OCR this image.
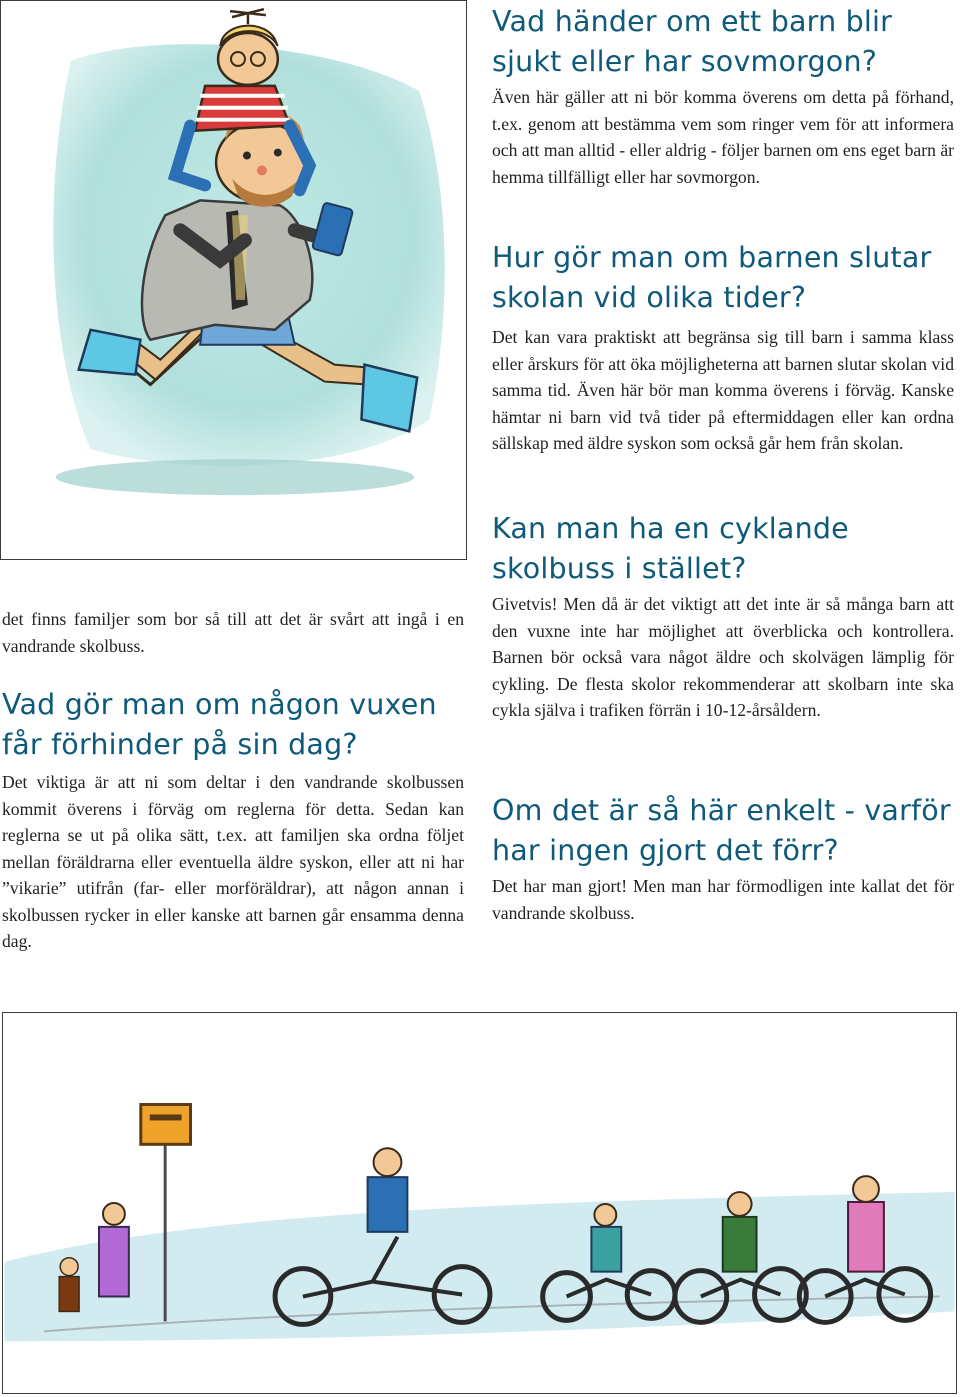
Vad händer om ett barn blir sjukt eller har sovmorgon?

Även här gäller att ni bör komma överens om detta på förhand, t.ex. genom att bestämma vem som ringer vem för att informera och att man alltid - eller aldrig - följer barnen om ens eget barn är hemma tillfälligt eller har sovmorgon.

Hur gör man om barnen slutar skolan vid olika tider?

Det kan vara praktiskt att begränsa sig till barn i samma klass eller årskurs för att öka möjligheterna att barnen slutar skolan vid samma tid. Även här bör man komma överens i förväg. Kanske hämtar ni barn vid två tider på eftermiddagen eller kan ordna sällskap med äldre syskon som också går hem från skolan.

Kan man ha en cyklande skolbuss i stället?

Givetvis! Men då är det viktigt att det inte är så många barn att den vuxne inte har möjlighet att överblicka och kontrollera. Barnen bör också vara något äldre och skolvägen lämplig för cykling. De flesta skolor rekommenderar att skolbarn inte ska cykla själva i trafiken förrän i 10-12-årsåldern.

Om det är så här enkelt - varför har ingen gjort det förr?

Det har man gjort! Men man har förmodligen inte kallat det för vandrande skolbuss.

det finns familjer som bor så till att det är svårt att ingå i en vandrande skolbuss.

Vad gör man om någon vuxen får förhinder på sin dag?

Det viktiga är att ni som deltar i den vandrande skolbussen kommit överens i förväg om reglerna för detta. Sedan kan reglerna se ut på olika sätt, t.ex. att familjen ska ordna följet mellan föräldrarna eller eventuella äldre syskon, eller att ni har ”vikarie” utifrån (far- eller morföräldrar), att någon annan i skolbussen rycker in eller kanske att barnen går ensamma denna dag.
